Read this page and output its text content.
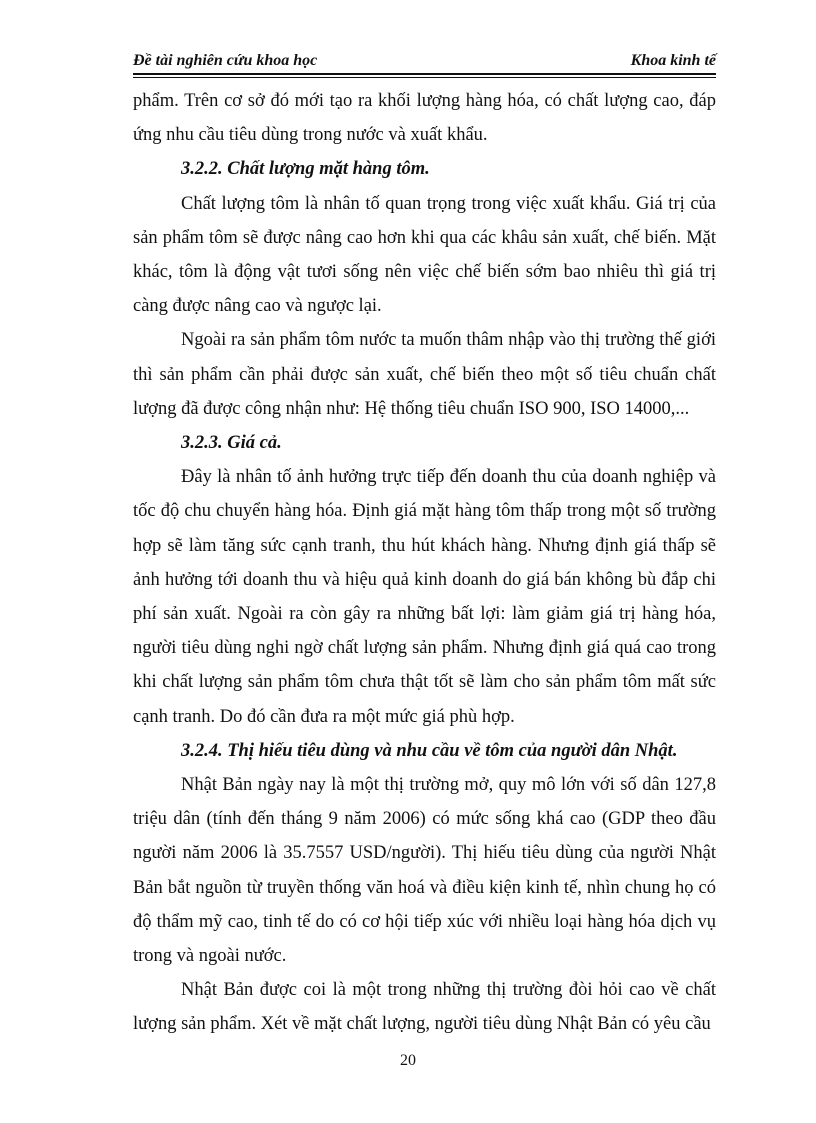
Đề tài nghiên cứu khoa học	Khoa kinh tế

phẩm. Trên cơ sở đó mới tạo ra khối lượng hàng hóa, có chất lượng cao, đáp ứng nhu cầu tiêu dùng trong nước và xuất khẩu.

3.2.2. Chất lượng mặt hàng tôm.

Chất lượng tôm là nhân tố quan trọng trong việc xuất khẩu. Giá trị của sản phẩm tôm sẽ được nâng cao hơn khi qua các khâu sản xuất, chế biến. Mặt khác, tôm là động vật tươi sống nên việc chế biến sớm bao nhiêu thì giá trị càng được nâng cao và ngược lại.

Ngoài ra sản phẩm tôm nước ta muốn thâm nhập vào thị trường thế giới thì sản phẩm cần phải được sản xuất, chế biến theo một số tiêu chuẩn chất lượng đã được công nhận như: Hệ thống tiêu chuẩn ISO 900, ISO 14000,...

3.2.3. Giá cả.

Đây là nhân tố ảnh hưởng trực tiếp đến doanh thu của doanh nghiệp và tốc độ chu chuyển hàng hóa. Định giá mặt hàng tôm thấp trong một số trường hợp sẽ làm tăng sức cạnh tranh, thu hút khách hàng. Nhưng định giá thấp sẽ ảnh hưởng tới doanh thu và hiệu quả kinh doanh do giá bán không bù đắp chi phí sản xuất. Ngoài ra còn gây ra những bất lợi: làm giảm giá trị hàng hóa, người tiêu dùng nghi ngờ chất lượng sản phẩm. Nhưng định giá quá cao trong khi chất lượng sản phẩm tôm chưa thật tốt sẽ làm cho sản phẩm tôm mất sức cạnh tranh. Do đó cần đưa ra một mức giá phù hợp.

3.2.4. Thị hiếu tiêu dùng và nhu cầu về tôm của người dân Nhật.

Nhật Bản ngày nay là một thị trường mở, quy mô lớn với số dân 127,8 triệu dân (tính đến tháng 9 năm 2006) có mức sống khá cao (GDP theo đầu người năm 2006 là 35.7557 USD/người). Thị hiếu tiêu dùng của người Nhật Bản bắt nguồn từ truyền thống văn hoá và điều kiện kinh tế, nhìn chung họ có độ thẩm mỹ cao, tinh tế do có cơ hội tiếp xúc với nhiều loại hàng hóa dịch vụ trong và ngoài nước.

Nhật Bản được coi là một trong những thị trường đòi hỏi cao về chất lượng sản phẩm. Xét về mặt chất lượng, người tiêu dùng Nhật Bản có yêu cầu

20
